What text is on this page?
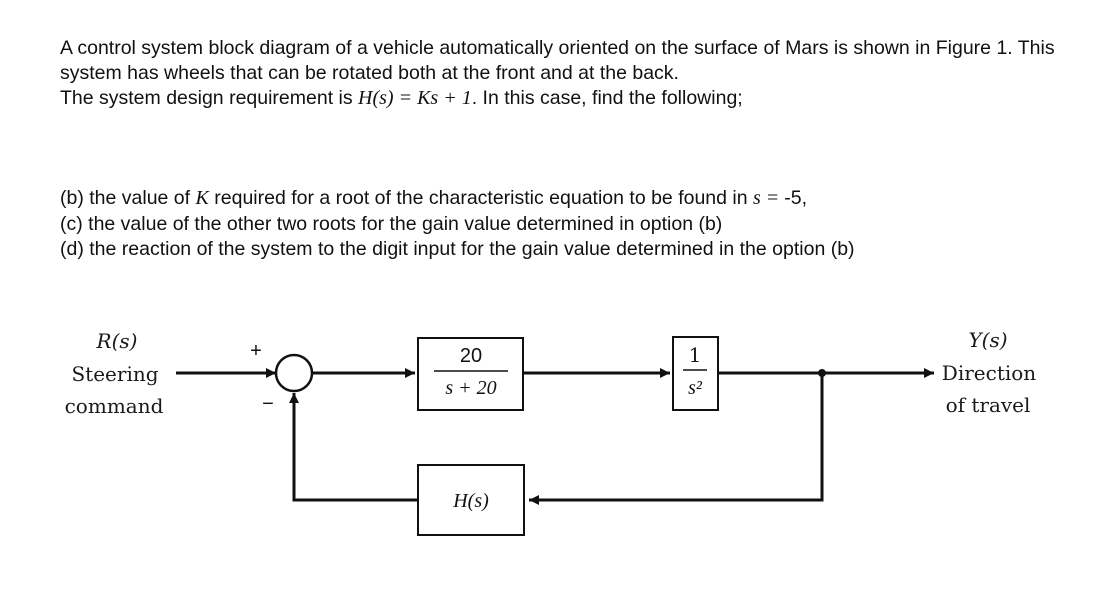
A control system block diagram of a vehicle automatically oriented on the surface of Mars is shown in Figure 1. This system has wheels that can be rotated both at the front and at the back.

The system design requirement is H(s) = Ks + 1. In this case, find the following;

(b) the value of K required for a root of the characteristic equation to be found in s = -5,

(c) the value of the other two roots for the gain value determined in option (b)

(d) the reaction of the system to the digit input for the gain value determined in the option (b)

R(s)
Steering
command
+
−
20
s + 20
1
s²
Y(s)
Direction
of travel
H(s)
